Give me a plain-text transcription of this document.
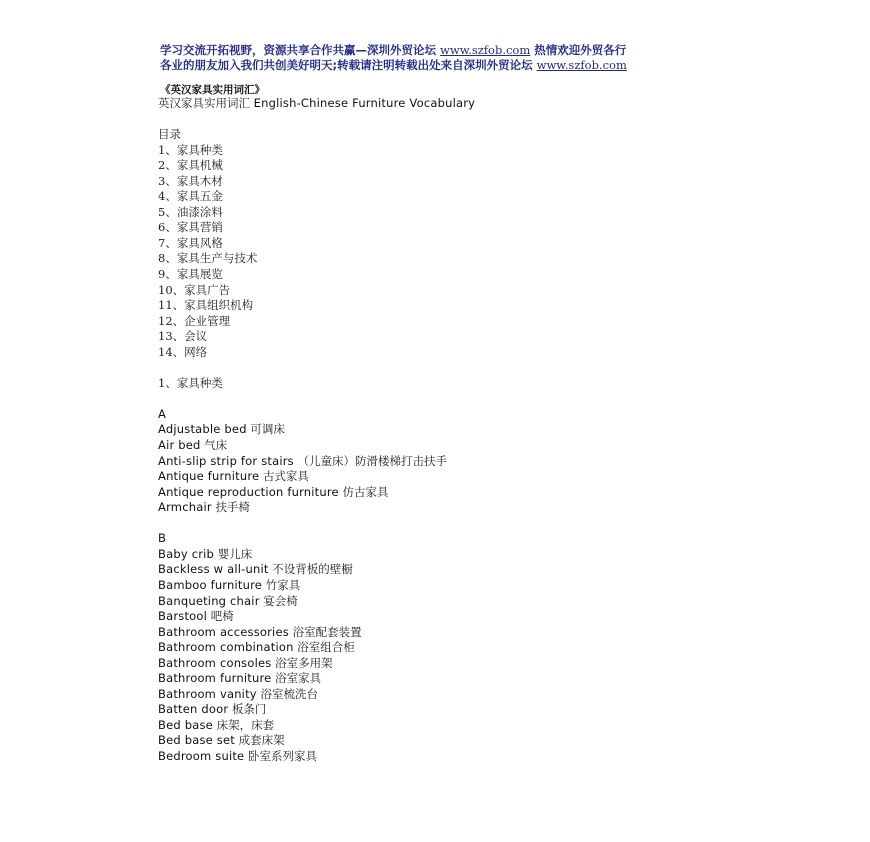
学习交流开拓视野，资源共享合作共赢—深圳外贸论坛 www.szfob.com 热情欢迎外贸各行
各业的朋友加入我们共创美好明天;转载请注明转载出处来自深圳外贸论坛 www.szfob.com
《英汉家具实用词汇》
英汉家具实用词汇 English-Chinese Furniture Vocabulary
目录
1、家具种类
2、家具机械
3、家具木材
4、家具五金
5、油漆涂料
6、家具营销
7、家具风格
8、家具生产与技术
9、家具展览
10、家具广告
11、家具组织机构
12、企业管理
13、会议
14、网络
1、家具种类
A
Adjustable bed 可调床
Air bed 气床
Anti-slip strip for stairs （儿童床）防滑楼梯打击扶手
Antique furniture 古式家具
Antique reproduction furniture 仿古家具
Armchair 扶手椅
B
Baby crib 婴儿床
Backless w all-unit 不设背板的壁橱
Bamboo furniture 竹家具
Banqueting chair 宴会椅
Barstool 吧椅
Bathroom accessories 浴室配套装置
Bathroom combination 浴室组合柜
Bathroom consoles 浴室多用架
Bathroom furniture 浴室家具
Bathroom vanity 浴室梳洗台
Batten door 板条门
Bed base 床架，床套
Bed base set 成套床架
Bedroom suite 卧室系列家具
